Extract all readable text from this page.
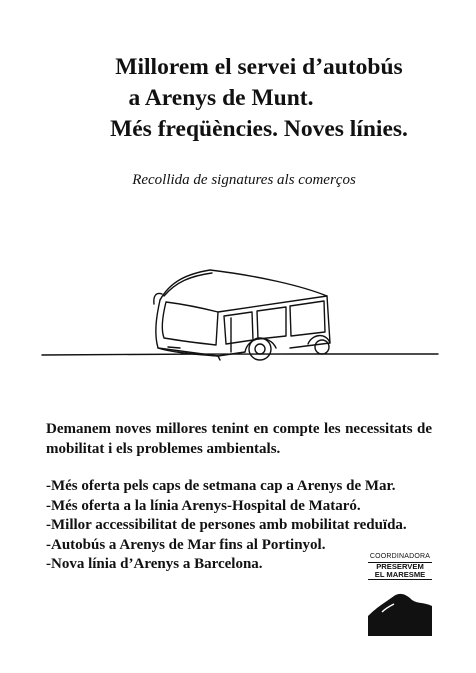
Millorem el servei d’autobús
a Arenys de Munt.
Més freqüències. Noves línies.
Recollida de signatures als comerços

Demanem noves millores tenint en compte les necessitats de mobilitat i els problemes ambientals.

-Més oferta pels caps de setmana cap a Arenys de Mar.
-Més oferta a la línia Arenys-Hospital de Mataró.
-Millor accessibilitat de persones amb mobilitat reduïda.
-Autobús a Arenys de Mar fins al Portinyol.
-Nova línia d’Arenys a Barcelona.	COORDINADORA
PRESERVEM
EL MARESME
